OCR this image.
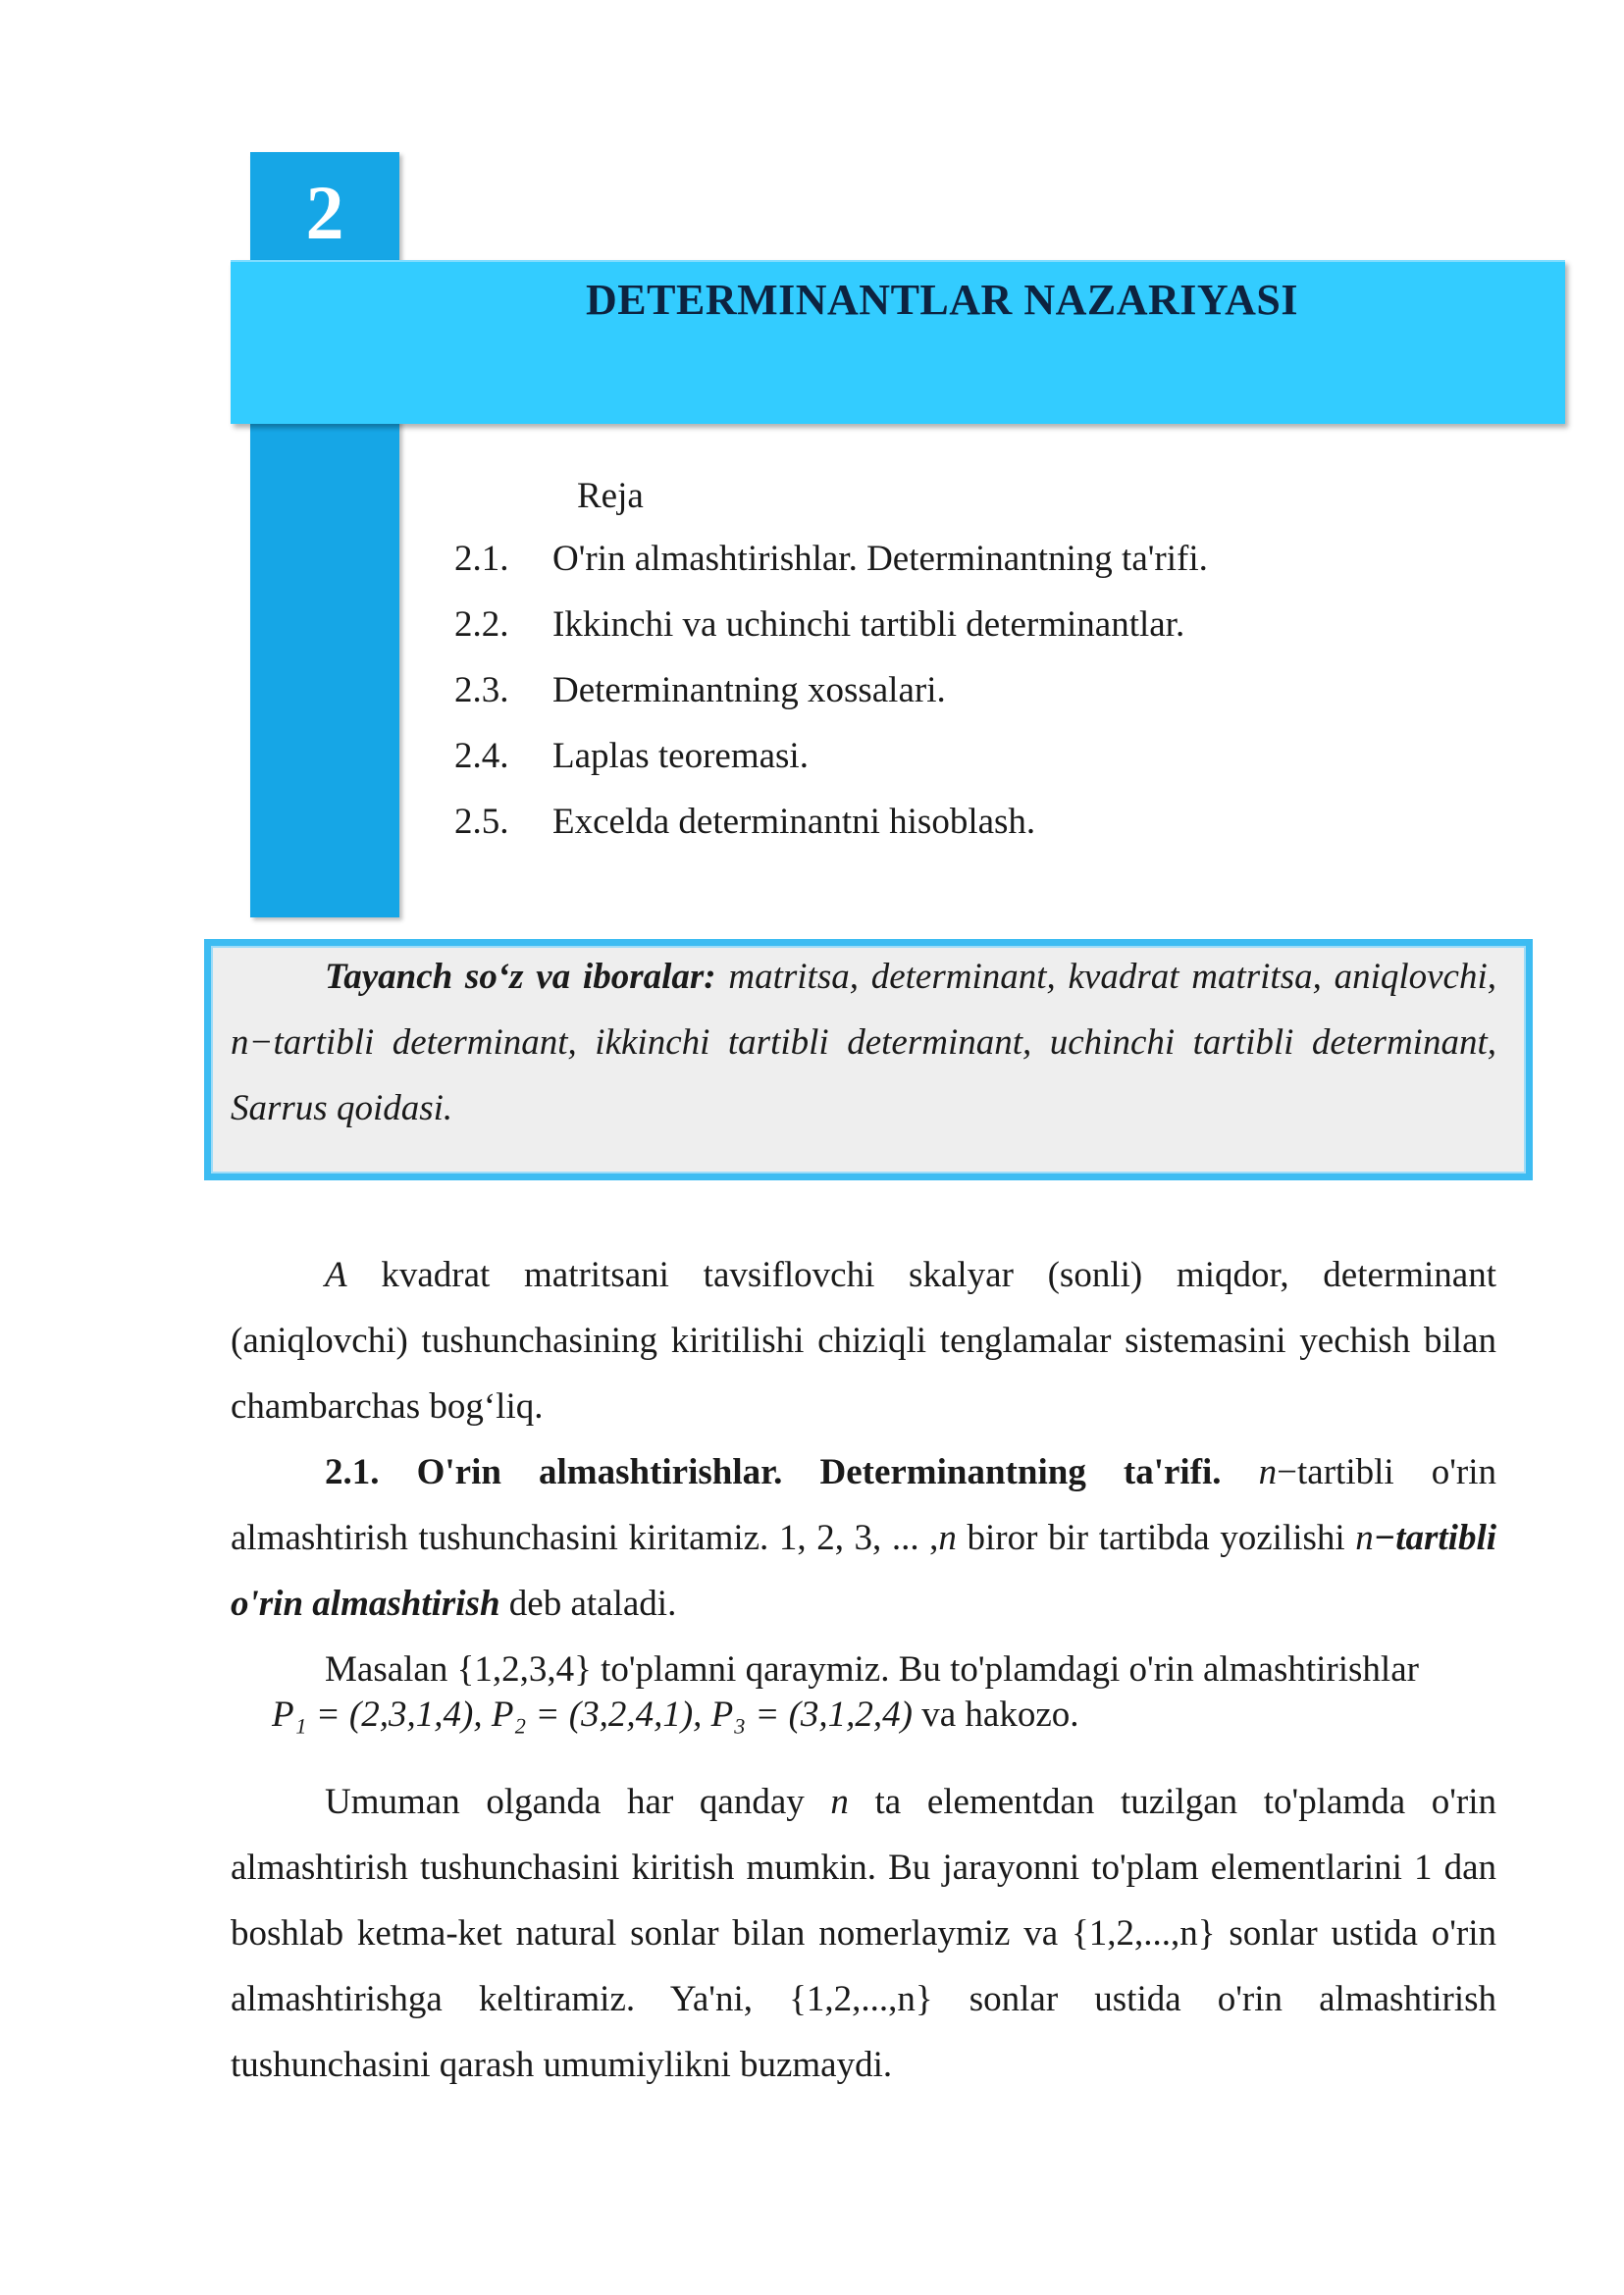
2
DETERMINANTLAR NAZARIYASI
Reja
2.1.	O'rin almashtirishlar. Determinantning ta'rifi.
2.2.	Ikkinchi va uchinchi tartibli determinantlar.
2.3.	Determinantning xossalari.
2.4.	Laplas teoremasi.
2.5.	Excelda determinantni hisoblash.
Tayanch so‘z va iboralar: matritsa, determinant, kvadrat matritsa, aniqlovchi, n−tartibli determinant, ikkinchi tartibli determinant, uchinchi tartibli determinant, Sarrus qoidasi.

A kvadrat matritsani tavsiflovchi skalyar (sonli) miqdor, determinant (aniqlovchi) tushunchasining kiritilishi chiziqli tenglamalar sistemasini yechish bilan chambarchas bog‘liq.

2.1. O'rin almashtirishlar. Determinantning ta'rifi. n−tartibli o'rin almashtirish tushunchasini kiritamiz. 1, 2, 3, ... ,n biror bir tartibda yozilishi n−tartibli o'rin almashtirish deb ataladi.

Masalan {1,2,3,4} to'plamni qaraymiz. Bu to'plamdagi o'rin almashtirishlar

P₁ = (2,3,1,4), P₂ = (3,2,4,1), P₃ = (3,1,2,4) va hakozo.

Umuman olganda har qanday n ta elementdan tuzilgan to'plamda o'rin almashtirish tushunchasini kiritish mumkin. Bu jarayonni to'plam elementlarini 1 dan boshlab ketma-ket natural sonlar bilan nomerlaymiz va {1,2,...,n} sonlar ustida o'rin almashtirishga keltiramiz. Ya'ni, {1,2,...,n} sonlar ustida o'rin almashtirish tushunchasini qarash umumiylikni buzmaydi.
